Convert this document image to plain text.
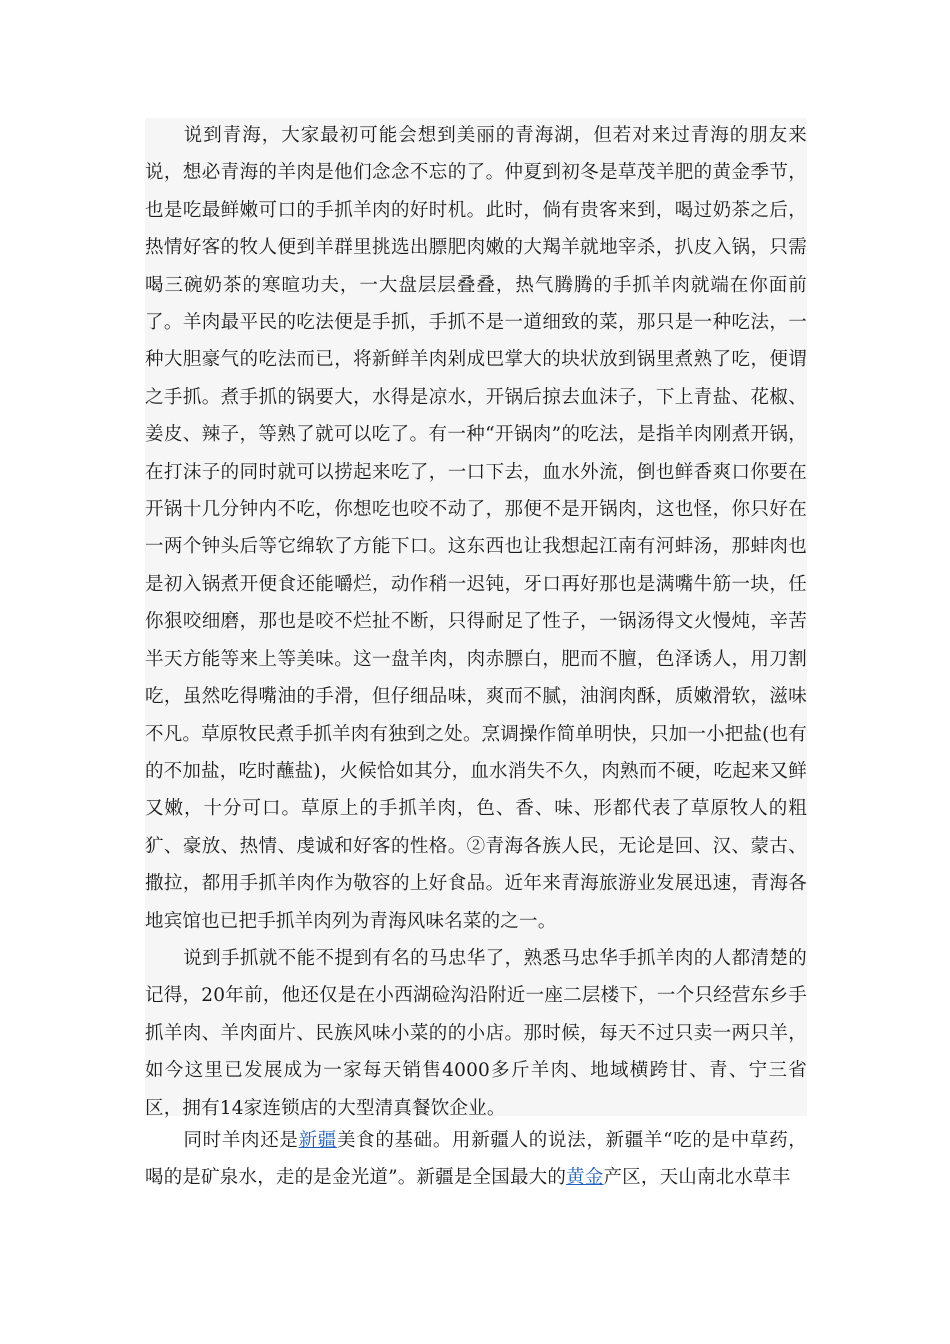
说到青海，大家最初可能会想到美丽的青海湖，但若对来过青海的朋友来说，想必青海的羊肉是他们念念不忘的了。仲夏到初冬是草茂羊肥的黄金季节，也是吃最鲜嫩可口的手抓羊肉的好时机。此时，倘有贵客来到，喝过奶茶之后，热情好客的牧人便到羊群里挑选出膘肥肉嫩的大羯羊就地宰杀，扒皮入锅，只需喝三碗奶茶的寒暄功夫，一大盘层层叠叠，热气腾腾的手抓羊肉就端在你面前了。羊肉最平民的吃法便是手抓，手抓不是一道细致的菜，那只是一种吃法，一种大胆豪气的吃法而已，将新鲜羊肉剁成巴掌大的块状放到锅里煮熟了吃，便谓之手抓。煮手抓的锅要大，水得是凉水，开锅后掠去血沫子，下上青盐、花椒、姜皮、辣子，等熟了就可以吃了。有一种“开锅肉”的吃法，是指羊肉刚煮开锅，在打沫子的同时就可以捞起来吃了，一口下去，血水外流，倒也鲜香爽口你要在开锅十几分钟内不吃，你想吃也咬不动了，那便不是开锅肉，这也怪，你只好在一两个钟头后等它绵软了方能下口。这东西也让我想起江南有河蚌汤，那蚌肉也是初入锅煮开便食还能嚼烂，动作稍一迟钝，牙口再好那也是满嘴牛筋一块，任你狠咬细磨，那也是咬不烂扯不断，只得耐足了性子，一锅汤得文火慢炖，辛苦半天方能等来上等美味。这一盘羊肉，肉赤膘白，肥而不膻，色泽诱人，用刀割吃，虽然吃得嘴油的手滑，但仔细品味，爽而不腻，油润肉酥，质嫩滑软，滋味不凡。草原牧民煮手抓羊肉有独到之处。烹调操作简单明快，只加一小把盐(也有的不加盐，吃时蘸盐)，火候恰如其分，血水消失不久，肉熟而不硬，吃起来又鲜又嫩，十分可口。草原上的手抓羊肉，色、香、味、形都代表了草原牧人的粗犷、豪放、热情、虔诚和好客的性格。②青海各族人民，无论是回、汉、蒙古、撒拉，都用手抓羊肉作为敬容的上好食品。近年来青海旅游业发展迅速，青海各地宾馆也已把手抓羊肉列为青海风味名菜的之一。

说到手抓就不能不提到有名的马忠华了，熟悉马忠华手抓羊肉的人都清楚的记得，20年前，他还仅是在小西湖硷沟沿附近一座二层楼下，一个只经营东乡手抓羊肉、羊肉面片、民族风味小菜的的小店。那时候，每天不过只卖一两只羊，如今这里已发展成为一家每天销售4000多斤羊肉、地域横跨甘、青、宁三省区，拥有14家连锁店的大型清真餐饮企业。

同时羊肉还是新疆美食的基础。用新疆人的说法，新疆羊“吃的是中草药，喝的是矿泉水，走的是金光道”。新疆是全国最大的黄金产区，天山南北水草丰
